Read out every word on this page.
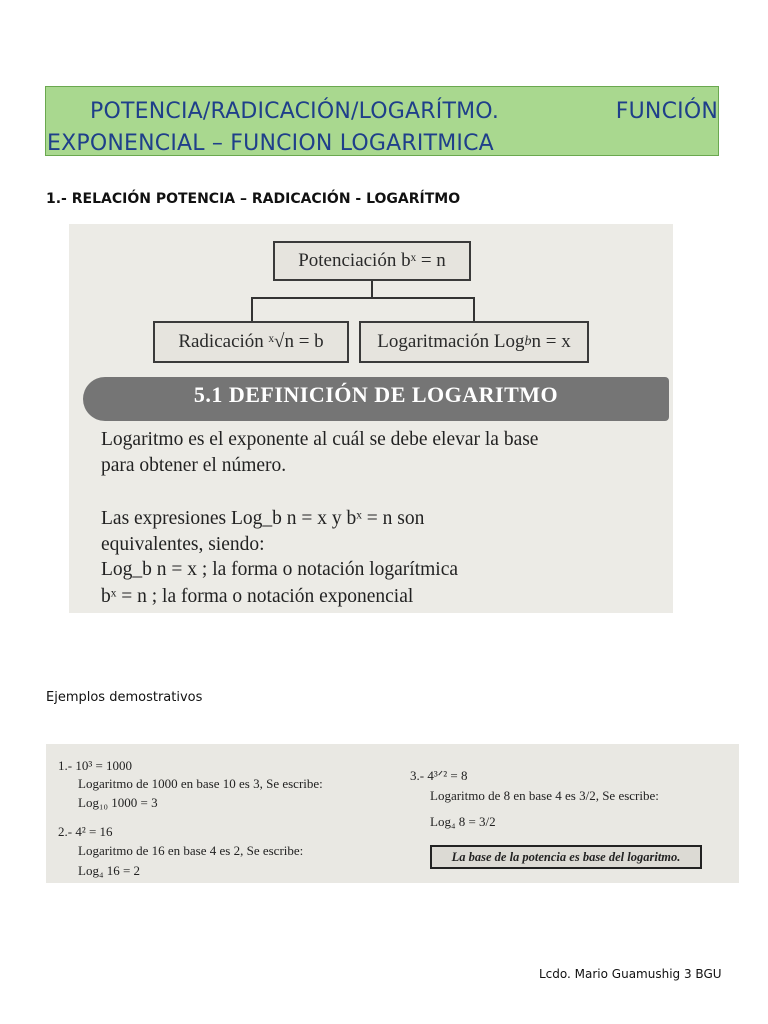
POTENCIA/RADICACIÓN/LOGARÍTMO.	FUNCIÓN
EXPONENCIAL – FUNCION LOGARITMICA
1.- RELACIÓN POTENCIA – RADICACIÓN - LOGARÍTMO
Potenciación bˣ = n
Radicación ˣ√n = b	Logaritmación Log b n = x
5.1 DEFINICIÓN DE LOGARITMO
Logaritmo es el exponente al cuál se debe elevar la base
para obtener el número.
Las expresiones Log_b n = x y bˣ = n son
equivalentes, siendo:
Log_b n = x ; la forma o notación logarítmica
bˣ = n ; la forma o notación exponencial
Ejemplos demostrativos
1.- 10³ = 1000
Logaritmo de 1000 en base 10 es 3, Se escribe:
Log₁₀ 1000 = 3
2.- 4² = 16
Logaritmo de 16 en base 4 es 2, Se escribe:
Log₄ 16 = 2
3.- 4³ᐟ² = 8
Logaritmo de 8 en base 4 es 3/2, Se escribe:
Log₄ 8 = 3/2
La base de la potencia es base del logaritmo.
Lcdo. Mario Guamushig 3 BGU
